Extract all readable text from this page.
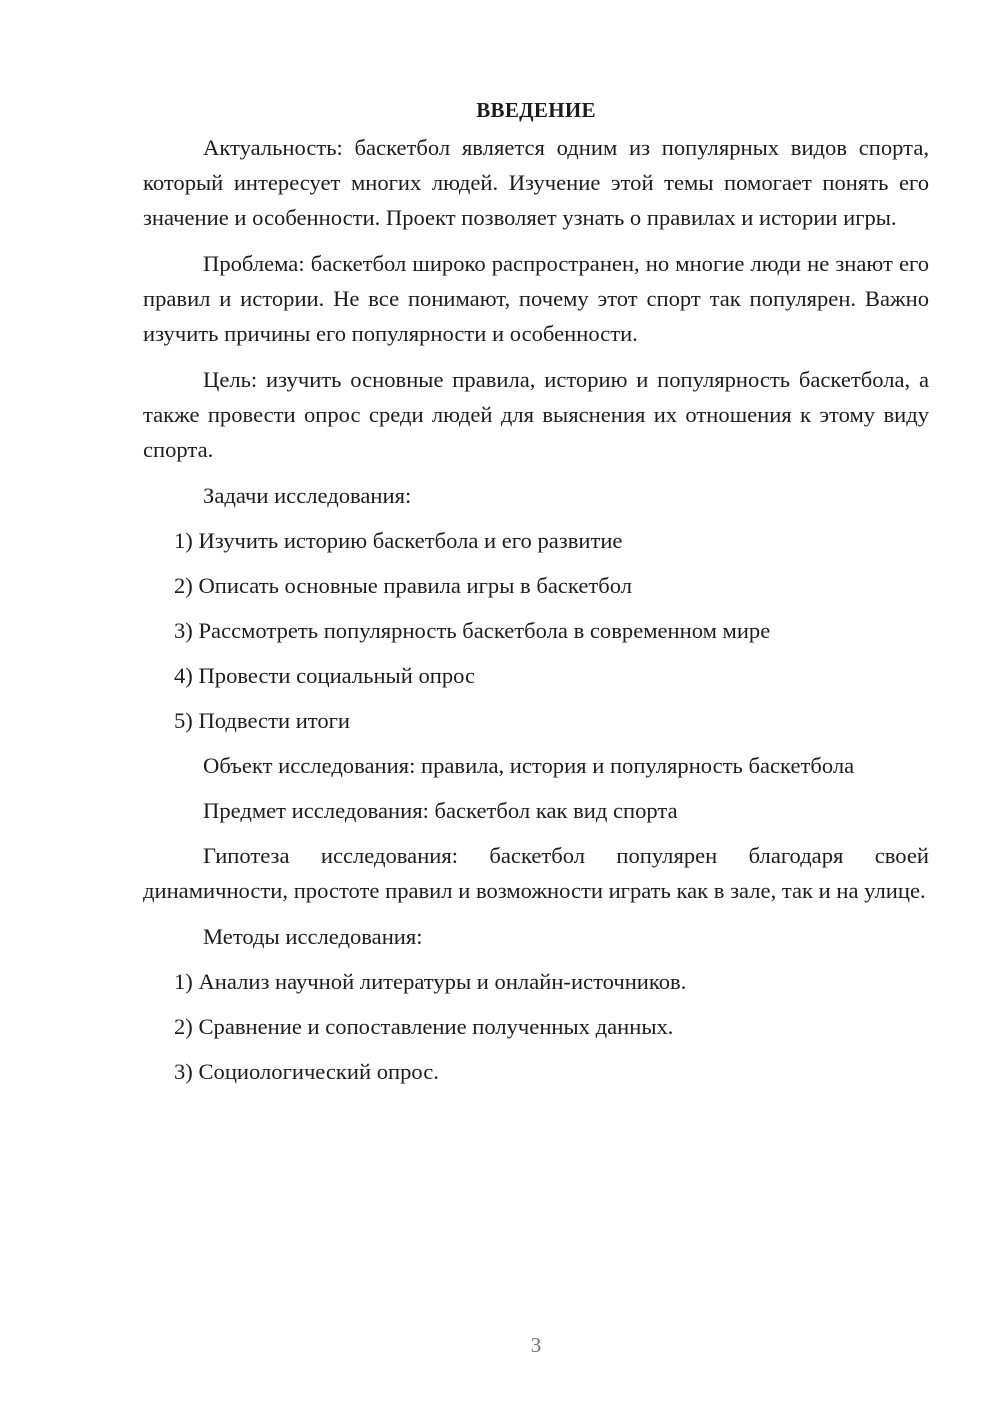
ВВЕДЕНИЕ

Актуальность: баскетбол является одним из популярных видов спорта, который интересует многих людей. Изучение этой темы помогает понять его значение и особенности. Проект позволяет узнать о правилах и истории игры.

Проблема: баскетбол широко распространен, но многие люди не знают его правил и истории. Не все понимают, почему этот спорт так популярен. Важно изучить причины его популярности и особенности.

Цель: изучить основные правила, историю и популярность баскетбола, а также провести опрос среди людей для выяснения их отношения к этому виду спорта.

Задачи исследования:

1) Изучить историю баскетбола и его развитие
2) Описать основные правила игры в баскетбол
3) Рассмотреть популярность баскетбола в современном мире
4) Провести социальный опрос
5) Подвести итоги

Объект исследования: правила, история и популярность баскетбола

Предмет исследования: баскетбол как вид спорта

Гипотеза исследования: баскетбол популярен благодаря своей динамичности, простоте правил и возможности играть как в зале, так и на улице.

Методы исследования:

1) Анализ научной литературы и онлайн-источников.
2) Сравнение и сопоставление полученных данных.
3) Социологический опрос.
3
